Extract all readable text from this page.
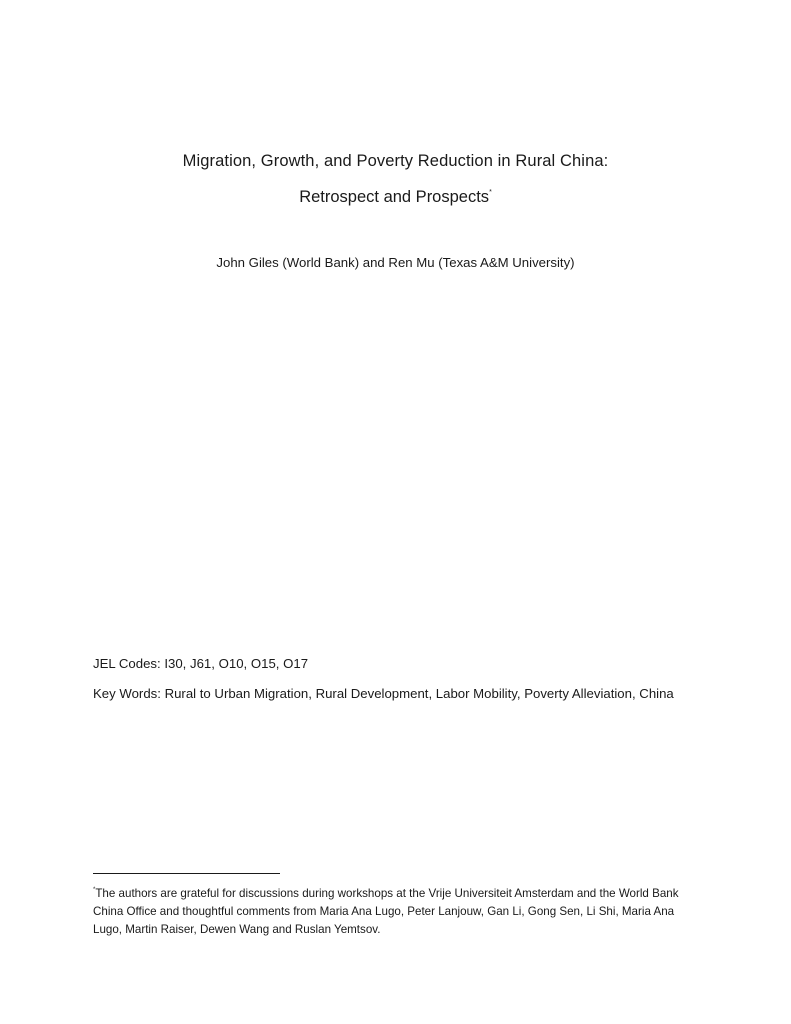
Migration, Growth, and Poverty Reduction in Rural China:
Retrospect and Prospects*
John Giles (World Bank) and Ren Mu (Texas A&M University)
JEL Codes: I30, J61, O10, O15, O17
Key Words: Rural to Urban Migration, Rural Development, Labor Mobility, Poverty Alleviation, China
*The authors are grateful for discussions during workshops at the Vrije Universiteit Amsterdam and the World Bank
China Office and thoughtful comments from Maria Ana Lugo, Peter Lanjouw, Gan Li, Gong Sen, Li Shi, Maria Ana
Lugo, Martin Raiser, Dewen Wang and Ruslan Yemtsov.
